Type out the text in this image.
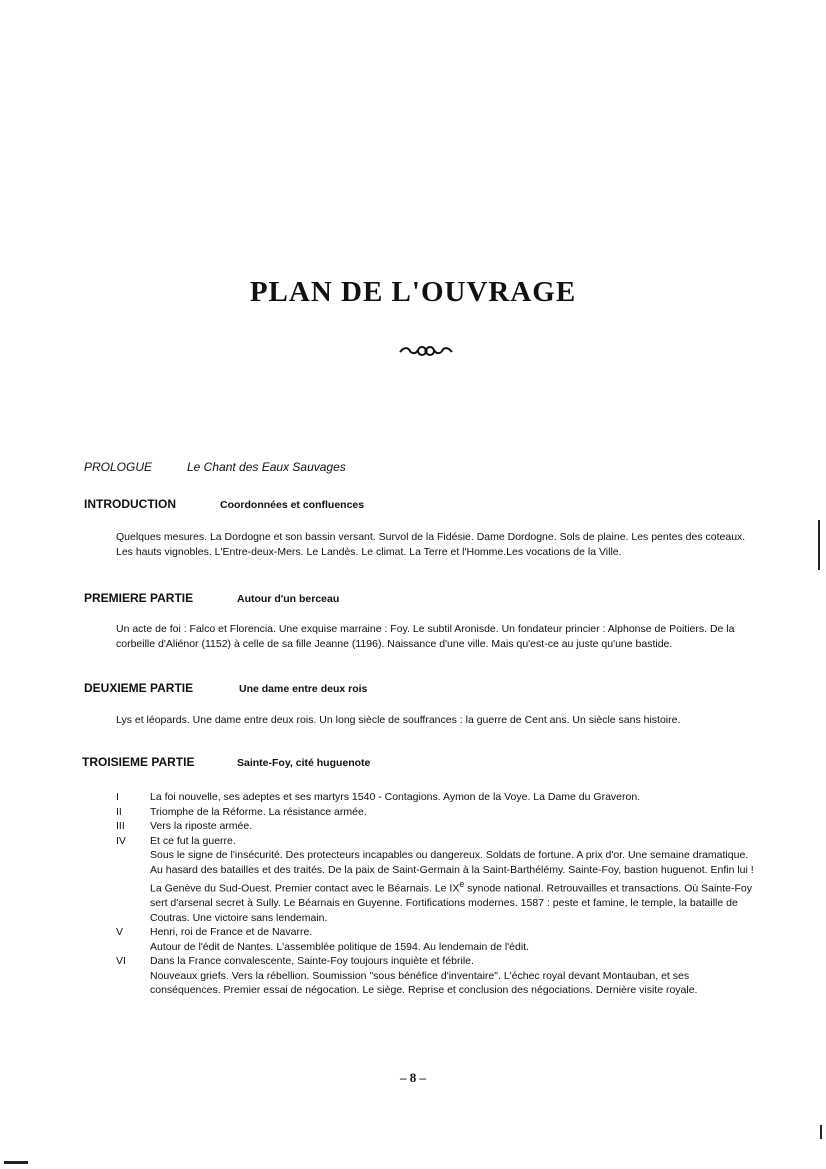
PLAN DE L'OUVRAGE
PROLOGUE	Le Chant des Eaux Sauvages
INTRODUCTION	Coordonnées et confluences
Quelques mesures. La Dordogne et son bassin versant. Survol de la Fidésie. Dame Dordogne. Sols de plaine. Les pentes des coteaux. Les hauts vignobles. L'Entre-deux-Mers. Le Landès. Le climat. La Terre et l'Homme.Les vocations de la Ville.
PREMIERE PARTIE	Autour d'un berceau
Un acte de foi : Falco et Florencia. Une exquise marraine : Foy. Le subtil Aronisde. Un fondateur princier : Alphonse de Poitiers. De la corbeille d'Aliénor (1152) à celle de sa fille Jeanne (1196). Naissance d'une ville. Mais qu'est-ce au juste qu'une bastide.
DEUXIEME PARTIE	Une dame entre deux rois
Lys et léopards. Une dame entre deux rois. Un long siècle de souffrances : la guerre de Cent ans. Un siècle sans histoire.
TROISIEME PARTIE	Sainte-Foy, cité huguenote
I	La foi nouvelle, ses adeptes et ses martyrs 1540 - Contagions. Aymon de la Voye. La Dame du Graveron.
II	Triomphe de la Réforme. La résistance armée.
III	Vers la riposte armée.
IV	Et ce fut la guerre.
Sous le signe de l'insécurité. Des protecteurs incapables ou dangereux. Soldats de fortune. A prix d'or. Une semaine dramatique. Au hasard des batailles et des traités. De la paix de Saint-Germain à la Saint-Barthélémy. Sainte-Foy, bastion huguenot. Enfin lui ! La Genève du Sud-Ouest. Premier contact avec le Béarnais. Le IXe synode national. Retrouvailles et transactions. Où Sainte-Foy sert d'arsenal secret à Sully. Le Béarnais en Guyenne. Fortifications modernes. 1587 : peste et famine, le temple, la bataille de Coutras. Une victoire sans lendemain.
V	Henri, roi de France et de Navarre.
Autour de l'édit de Nantes. L'assemblée politique de 1594. Au lendemain de l'édit.
VI	Dans la France convalescente, Sainte-Foy toujours inquiète et fébrile.
Nouveaux griefs. Vers la rébellion. Soumission "sous bénéfice d'inventaire". L'échec royal devant Montauban, et ses conséquences. Premier essai de négocation. Le siège. Reprise et conclusion des négociations. Dernière visite royale.
– 8 –
